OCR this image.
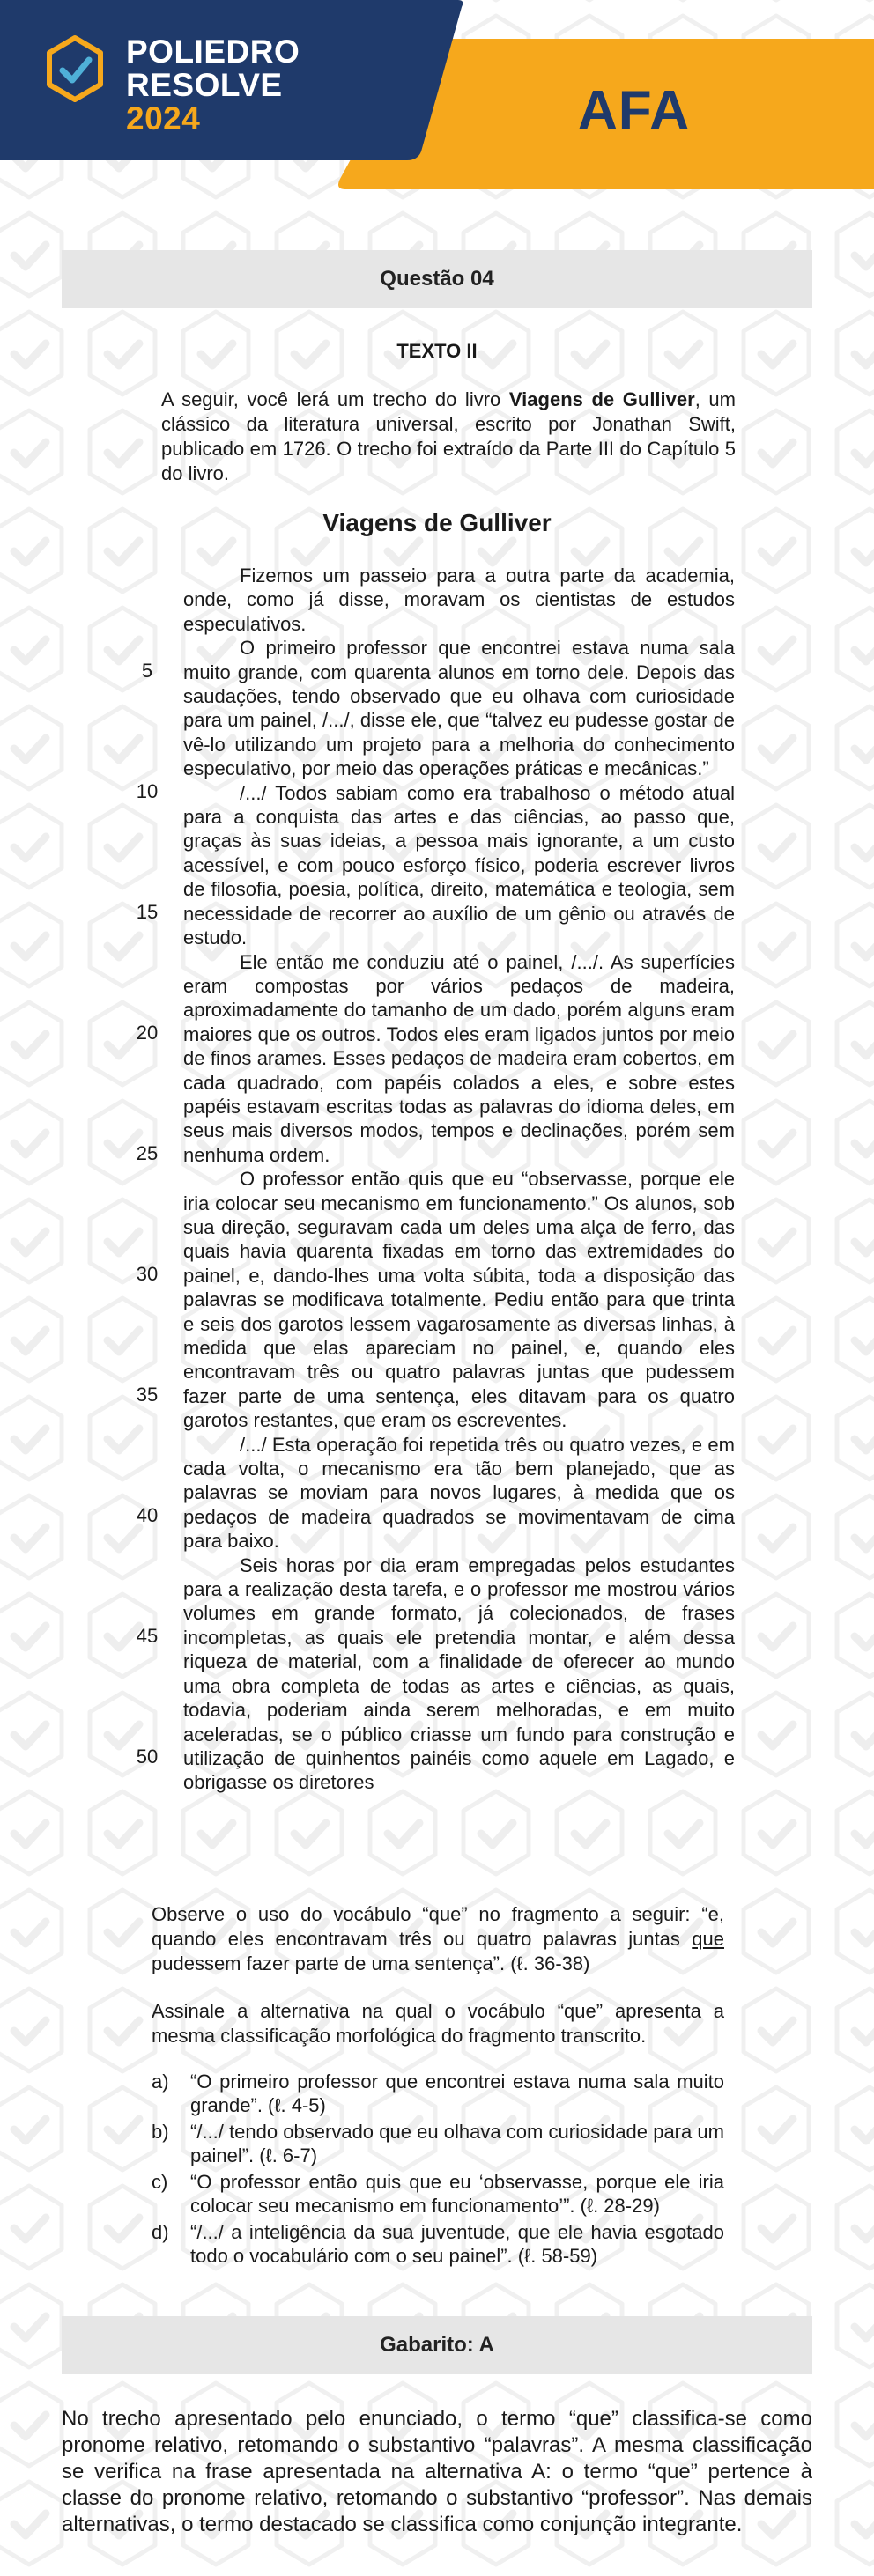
POLIEDRO
RESOLVE
2024	AFA
Questão 04
TEXTO II
A seguir, você lerá um trecho do livro Viagens de Gulliver, um clássico da literatura universal, escrito por Jonathan Swift, publicado em 1726. O trecho foi extraído da Parte III do Capítulo 5 do livro.
Viagens de Gulliver

Fizemos um passeio para a outra parte da academia, onde, como já disse, moravam os cientistas de estudos especulativos.

O primeiro professor que encontrei estava numa sala muito grande, com quarenta alunos em torno dele. Depois das saudações, tendo observado que eu olhava com curiosidade para um painel, /.../, disse ele, que “talvez eu pudesse gostar de vê-lo utilizando um projeto para a melhoria do conhecimento especulativo, por meio das operações práticas e mecânicas.”

/.../ Todos sabiam como era trabalhoso o método atual para a conquista das artes e das ciências, ao passo que, graças às suas ideias, a pessoa mais ignorante, a um custo acessível, e com pouco esforço físico, poderia escrever livros de filosofia, poesia, política, direito, matemática e teologia, sem necessidade de recorrer ao auxílio de um gênio ou através de estudo.

Ele então me conduziu até o painel, /.../. As superfícies eram compostas por vários pedaços de madeira, aproximadamente do tamanho de um dado, porém alguns eram maiores que os outros. Todos eles eram ligados juntos por meio de finos arames. Esses pedaços de madeira eram cobertos, em cada quadrado, com papéis colados a eles, e sobre estes papéis estavam escritas todas as palavras do idioma deles, em seus mais diversos modos, tempos e declinações, porém sem nenhuma ordem.

O professor então quis que eu “observasse, porque ele iria colocar seu mecanismo em funcionamento.” Os alunos, sob sua direção, seguravam cada um deles uma alça de ferro, das quais havia quarenta fixadas em torno das extremidades do painel, e, dando-lhes uma volta súbita, toda a disposição das palavras se modificava totalmente. Pediu então para que trinta e seis dos garotos lessem vagarosamente as diversas linhas, à medida que elas apareciam no painel, e, quando eles encontravam três ou quatro palavras juntas que pudessem fazer parte de uma sentença, eles ditavam para os quatro garotos restantes, que eram os escreventes.

/.../ Esta operação foi repetida três ou quatro vezes, e em cada volta, o mecanismo era tão bem planejado, que as palavras se moviam para novos lugares, à medida que os pedaços de madeira quadrados se movimentavam de cima para baixo.

Seis horas por dia eram empregadas pelos estudantes para a realização desta tarefa, e o professor me mostrou vários volumes em grande formato, já colecionados, de frases incompletas, as quais ele pretendia montar, e além dessa riqueza de material, com a finalidade de oferecer ao mundo uma obra completa de todas as artes e ciências, as quais, todavia, poderiam ainda serem melhoradas, e em muito aceleradas, se o público criasse um fundo para construção e utilização de quinhentos painéis como aquele em Lagado, e obrigasse os diretores

5
10
15
20
25
30
35
40
45
50

Observe o uso do vocábulo “que” no fragmento a seguir: “e, quando eles encontravam três ou quatro palavras juntas que pudessem fazer parte de uma sentença”. (ℓ. 36-38)

Assinale a alternativa na qual o vocábulo “que” apresenta a mesma classificação morfológica do fragmento transcrito.

a)	“O primeiro professor que encontrei estava numa sala muito grande”. (ℓ. 4-5)
b)	“/.../ tendo observado que eu olhava com curiosidade para um painel”. (ℓ. 6-7)
c)	“O professor então quis que eu ‘observasse, porque ele iria colocar seu mecanismo em funcionamento’”. (ℓ. 28-29)
d)	“/.../ a inteligência da sua juventude, que ele havia esgotado todo o vocabulário com o seu painel”. (ℓ. 58-59)
Gabarito: A
No trecho apresentado pelo enunciado, o termo “que” classifica-se como pronome relativo, retomando o substantivo “palavras”. A mesma classificação se verifica na frase apresentada na alternativa A: o termo “que” pertence à classe do pronome relativo, retomando o substantivo “professor”. Nas demais alternativas, o termo destacado se classifica como conjunção integrante.
